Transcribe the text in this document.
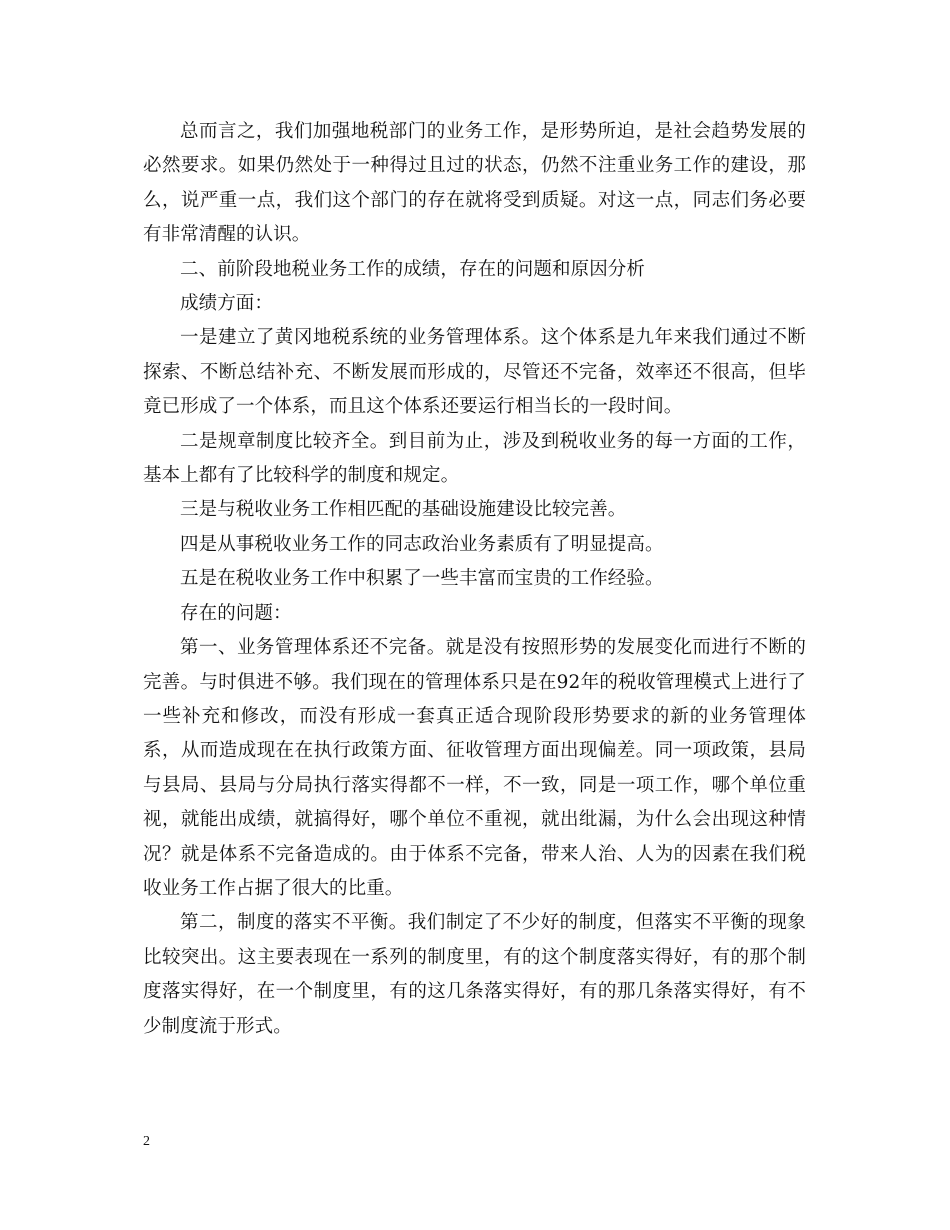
总而言之，我们加强地税部门的业务工作，是形势所迫，是社会趋势发展的必然要求。如果仍然处于一种得过且过的状态，仍然不注重业务工作的建设，那么，说严重一点，我们这个部门的存在就将受到质疑。对这一点，同志们务必要有非常清醒的认识。

二、前阶段地税业务工作的成绩，存在的问题和原因分析

成绩方面：

一是建立了黄冈地税系统的业务管理体系。这个体系是九年来我们通过不断探索、不断总结补充、不断发展而形成的，尽管还不完备，效率还不很高，但毕竟已形成了一个体系，而且这个体系还要运行相当长的一段时间。

二是规章制度比较齐全。到目前为止，涉及到税收业务的每一方面的工作，基本上都有了比较科学的制度和规定。

三是与税收业务工作相匹配的基础设施建设比较完善。

四是从事税收业务工作的同志政治业务素质有了明显提高。

五是在税收业务工作中积累了一些丰富而宝贵的工作经验。

存在的问题：

第一、业务管理体系还不完备。就是没有按照形势的发展变化而进行不断的完善。与时俱进不够。我们现在的管理体系只是在92年的税收管理模式上进行了一些补充和修改，而没有形成一套真正适合现阶段形势要求的新的业务管理体系，从而造成现在在执行政策方面、征收管理方面出现偏差。同一项政策，县局与县局、县局与分局执行落实得都不一样，不一致，同是一项工作，哪个单位重视，就能出成绩，就搞得好，哪个单位不重视，就出纰漏，为什么会出现这种情况？就是体系不完备造成的。由于体系不完备，带来人治、人为的因素在我们税收业务工作占据了很大的比重。

第二，制度的落实不平衡。我们制定了不少好的制度，但落实不平衡的现象比较突出。这主要表现在一系列的制度里，有的这个制度落实得好，有的那个制度落实得好，在一个制度里，有的这几条落实得好，有的那几条落实得好，有不少制度流于形式。

2
